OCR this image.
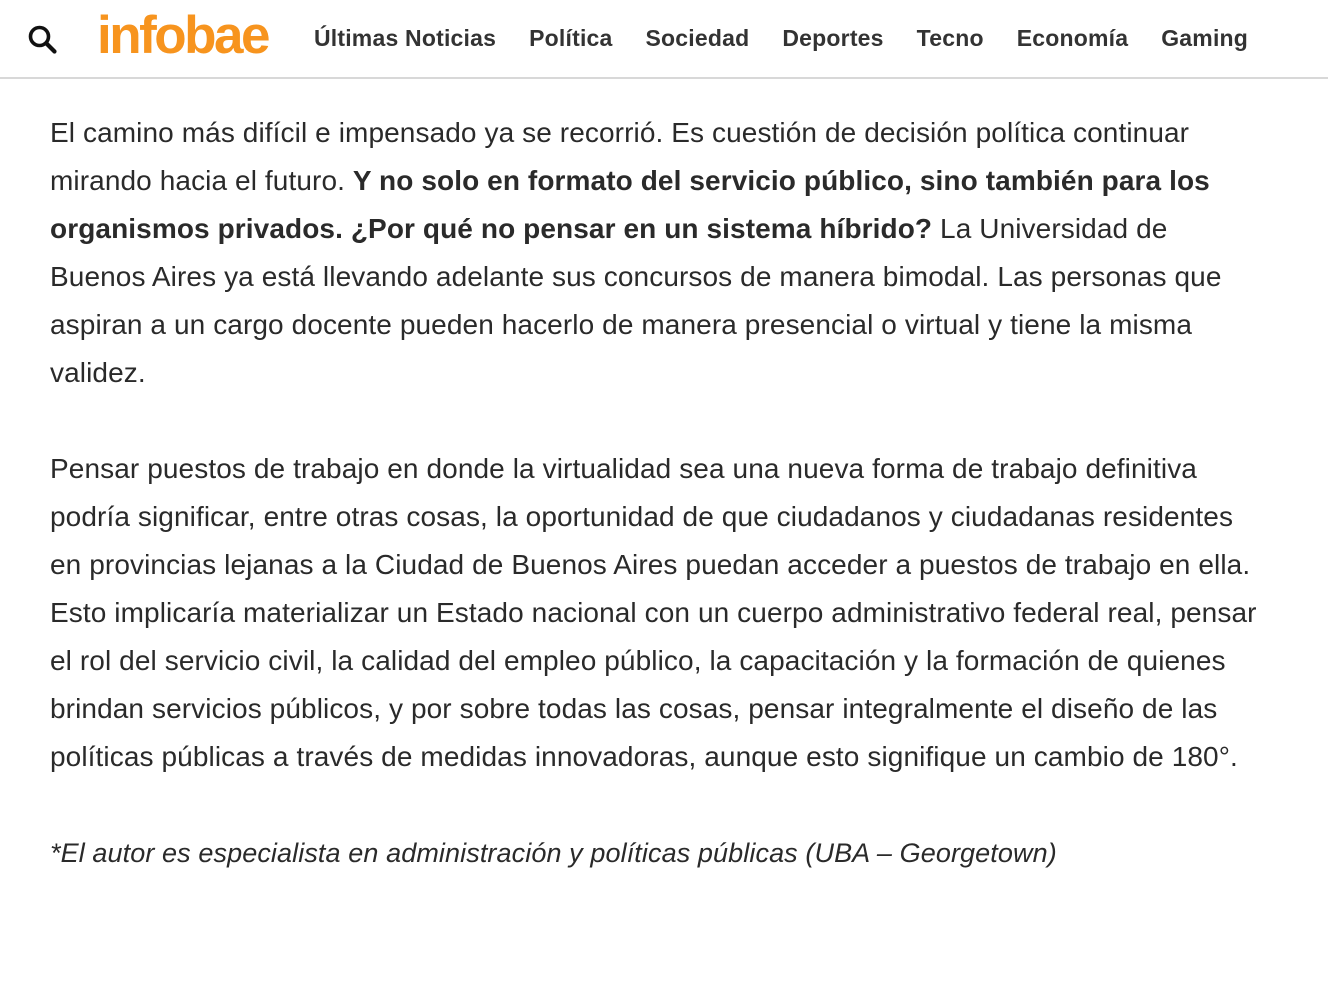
infobae Últimas Noticias Política Sociedad Deportes Tecno Economía Gaming

El camino más difícil e impensado ya se recorrió. Es cuestión de decisión política continuar mirando hacia el futuro. Y no solo en formato del servicio público, sino también para los organismos privados. ¿Por qué no pensar en un sistema híbrido? La Universidad de Buenos Aires ya está llevando adelante sus concursos de manera bimodal. Las personas que aspiran a un cargo docente pueden hacerlo de manera presencial o virtual y tiene la misma validez.

Pensar puestos de trabajo en donde la virtualidad sea una nueva forma de trabajo definitiva podría significar, entre otras cosas, la oportunidad de que ciudadanos y ciudadanas residentes en provincias lejanas a la Ciudad de Buenos Aires puedan acceder a puestos de trabajo en ella. Esto implicaría materializar un Estado nacional con un cuerpo administrativo federal real, pensar el rol del servicio civil, la calidad del empleo público, la capacitación y la formación de quienes brindan servicios públicos, y por sobre todas las cosas, pensar integralmente el diseño de las políticas públicas a través de medidas innovadoras, aunque esto signifique un cambio de 180°.

*El autor es especialista en administración y políticas públicas (UBA – Georgetown)
